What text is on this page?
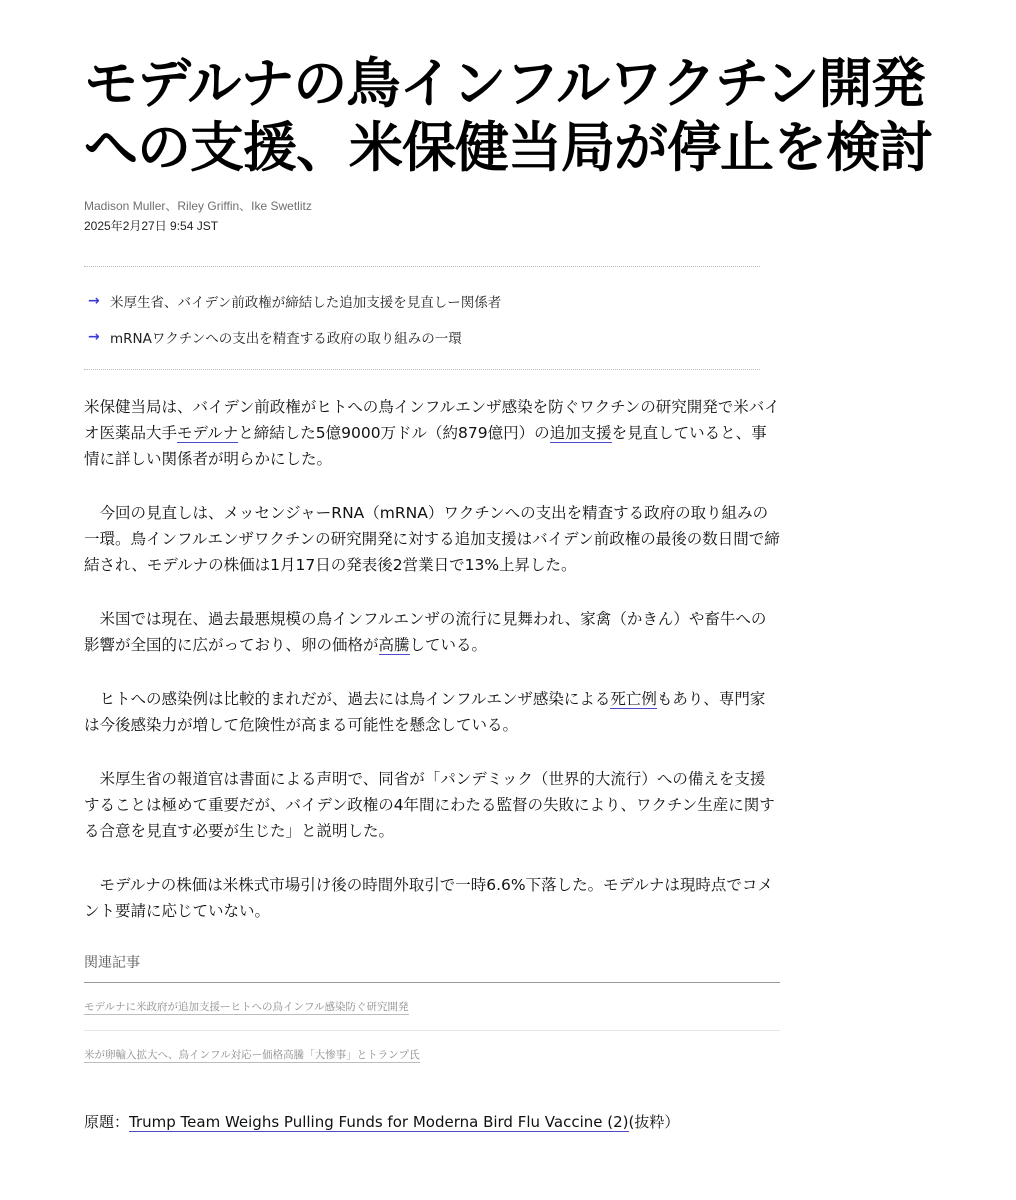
モデルナの鳥インフルワクチン開発
への支援、米保健当局が停止を検討
Madison Muller、Riley Griffin、Ike Swetlitz
2025年2月27日 9:54 JST
→ 米厚生省、バイデン前政権が締結した追加支援を見直しー関係者
→ mRNAワクチンへの支出を精査する政府の取り組みの一環

米保健当局は、バイデン前政権がヒトへの鳥インフルエンザ感染を防ぐワクチンの研究開発で米バイオ医薬品大手モデルナと締結した5億9000万ドル（約879億円）の追加支援を見直していると、事情に詳しい関係者が明らかにした。

今回の見直しは、メッセンジャーRNA（mRNA）ワクチンへの支出を精査する政府の取り組みの一環。鳥インフルエンザワクチンの研究開発に対する追加支援はバイデン前政権の最後の数日間で締結され、モデルナの株価は1月17日の発表後2営業日で13%上昇した。

米国では現在、過去最悪規模の鳥インフルエンザの流行に見舞われ、家禽（かきん）や畜牛への影響が全国的に広がっており、卵の価格が高騰している。

ヒトへの感染例は比較的まれだが、過去には鳥インフルエンザ感染による死亡例もあり、専門家は今後感染力が増して危険性が高まる可能性を懸念している。

米厚生省の報道官は書面による声明で、同省が「パンデミック（世界的大流行）への備えを支援することは極めて重要だが、バイデン政権の4年間にわたる監督の失敗により、ワクチン生産に関する合意を見直す必要が生じた」と説明した。

モデルナの株価は米株式市場引け後の時間外取引で一時6.6%下落した。モデルナは現時点でコメント要請に応じていない。

関連記事
モデルナに米政府が追加支援ーヒトへの鳥インフル感染防ぐ研究開発
米が卵輸入拡大へ、鳥インフル対応ー価格高騰「大惨事」とトランプ氏
原題：Trump Team Weighs Pulling Funds for Moderna Bird Flu Vaccine (2)(抜粋）
